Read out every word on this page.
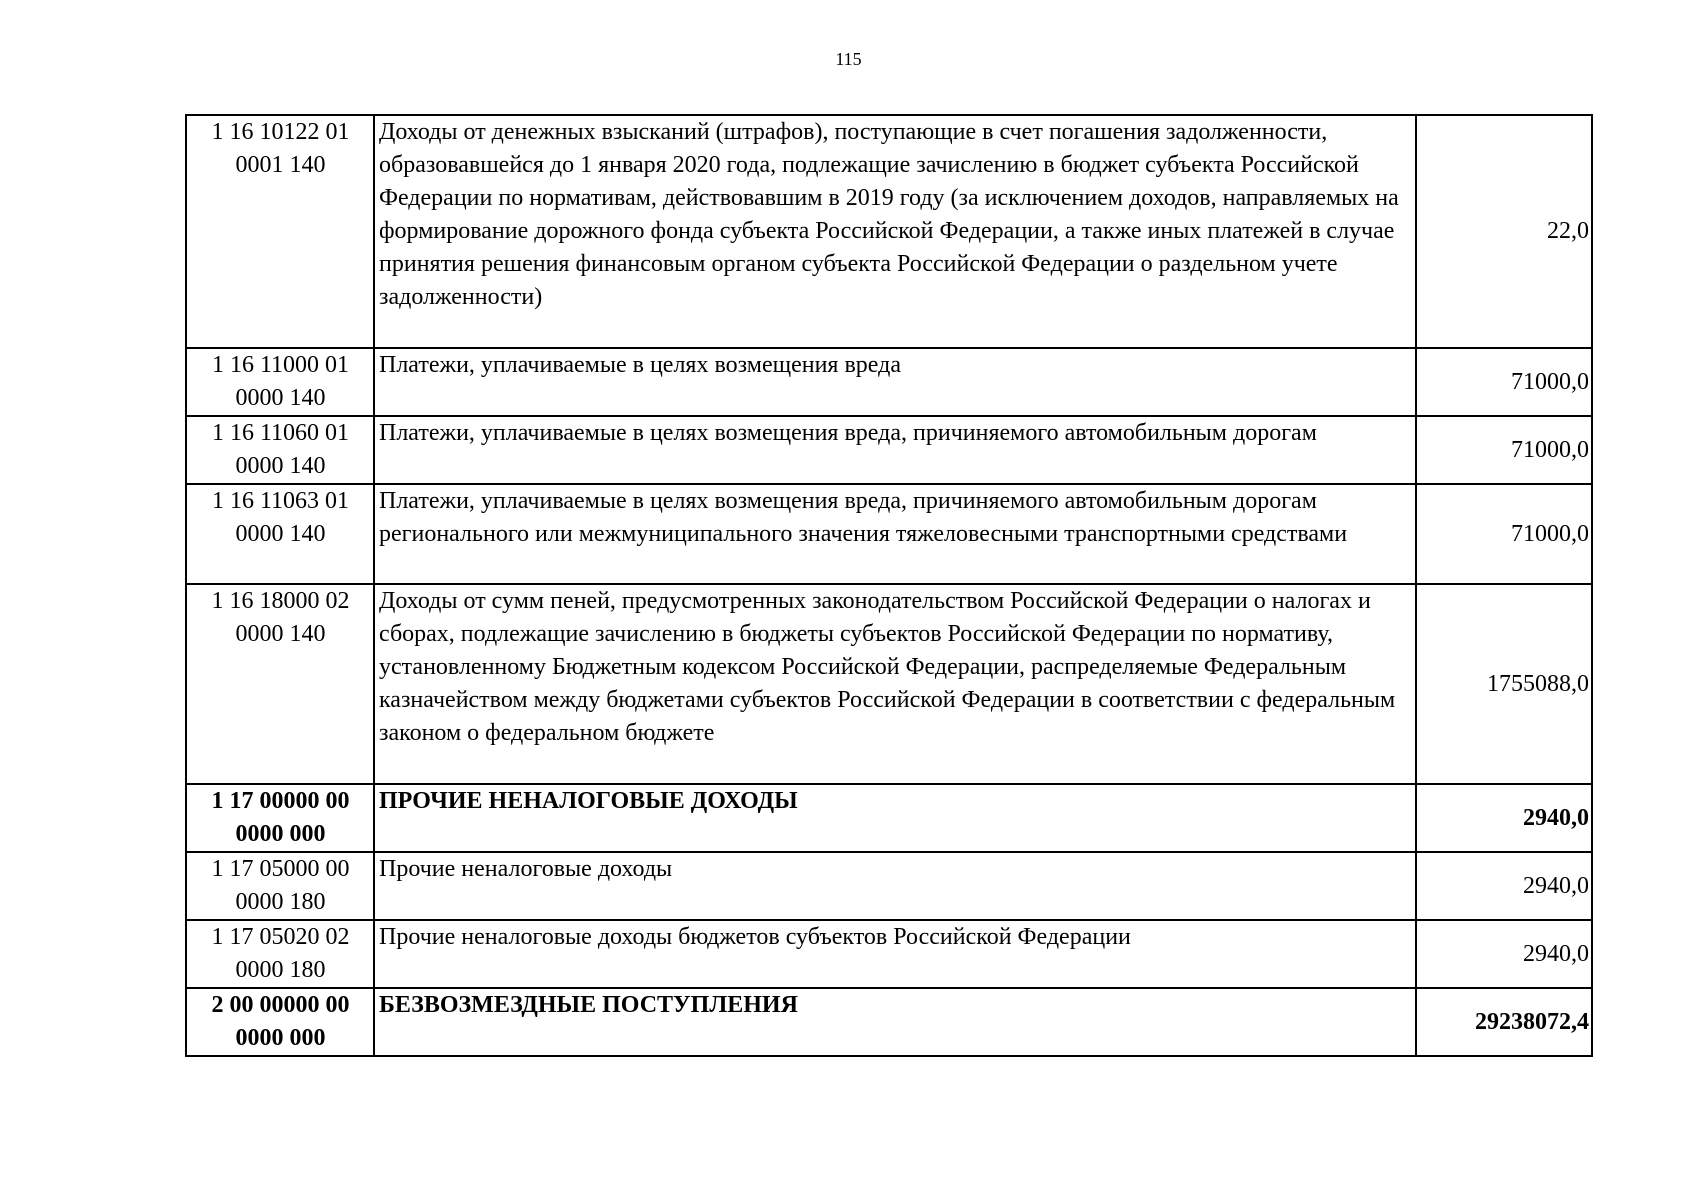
115
1 16 10122 01 0001 140	Доходы от денежных взысканий (штрафов), поступающие в счет погашения задолженности, образовавшейся до 1 января 2020 года, подлежащие зачислению в бюджет субъекта Российской Федерации по нормативам, действовавшим в 2019 году (за исключением доходов, направляемых на формирование дорожного фонда субъекта Российской Федерации, а также иных платежей в случае принятия решения финансовым органом субъекта Российской Федерации о раздельном учете задолженности)	22,0
1 16 11000 01 0000 140	Платежи, уплачиваемые в целях возмещения вреда	71000,0
1 16 11060 01 0000 140	Платежи, уплачиваемые в целях возмещения вреда, причиняемого автомобильным дорогам	71000,0
1 16 11063 01 0000 140	Платежи, уплачиваемые в целях возмещения вреда, причиняемого автомобильным дорогам регионального или межмуниципального значения тяжеловесными транспортными средствами	71000,0
1 16 18000 02 0000 140	Доходы от сумм пеней, предусмотренных законодательством Российской Федерации о налогах и сборах, подлежащие зачислению в бюджеты субъектов Российской Федерации по нормативу, установленному Бюджетным кодексом Российской Федерации, распределяемые Федеральным казначейством между бюджетами субъектов Российской Федерации в соответствии с федеральным законом о федеральном бюджете	1755088,0
1 17 00000 00 0000 000	ПРОЧИЕ НЕНАЛОГОВЫЕ ДОХОДЫ	2940,0
1 17 05000 00 0000 180	Прочие неналоговые доходы	2940,0
1 17 05020 02 0000 180	Прочие неналоговые доходы бюджетов субъектов Российской Федерации	2940,0
2 00 00000 00 0000 000	БЕЗВОЗМЕЗДНЫЕ ПОСТУПЛЕНИЯ	29238072,4
